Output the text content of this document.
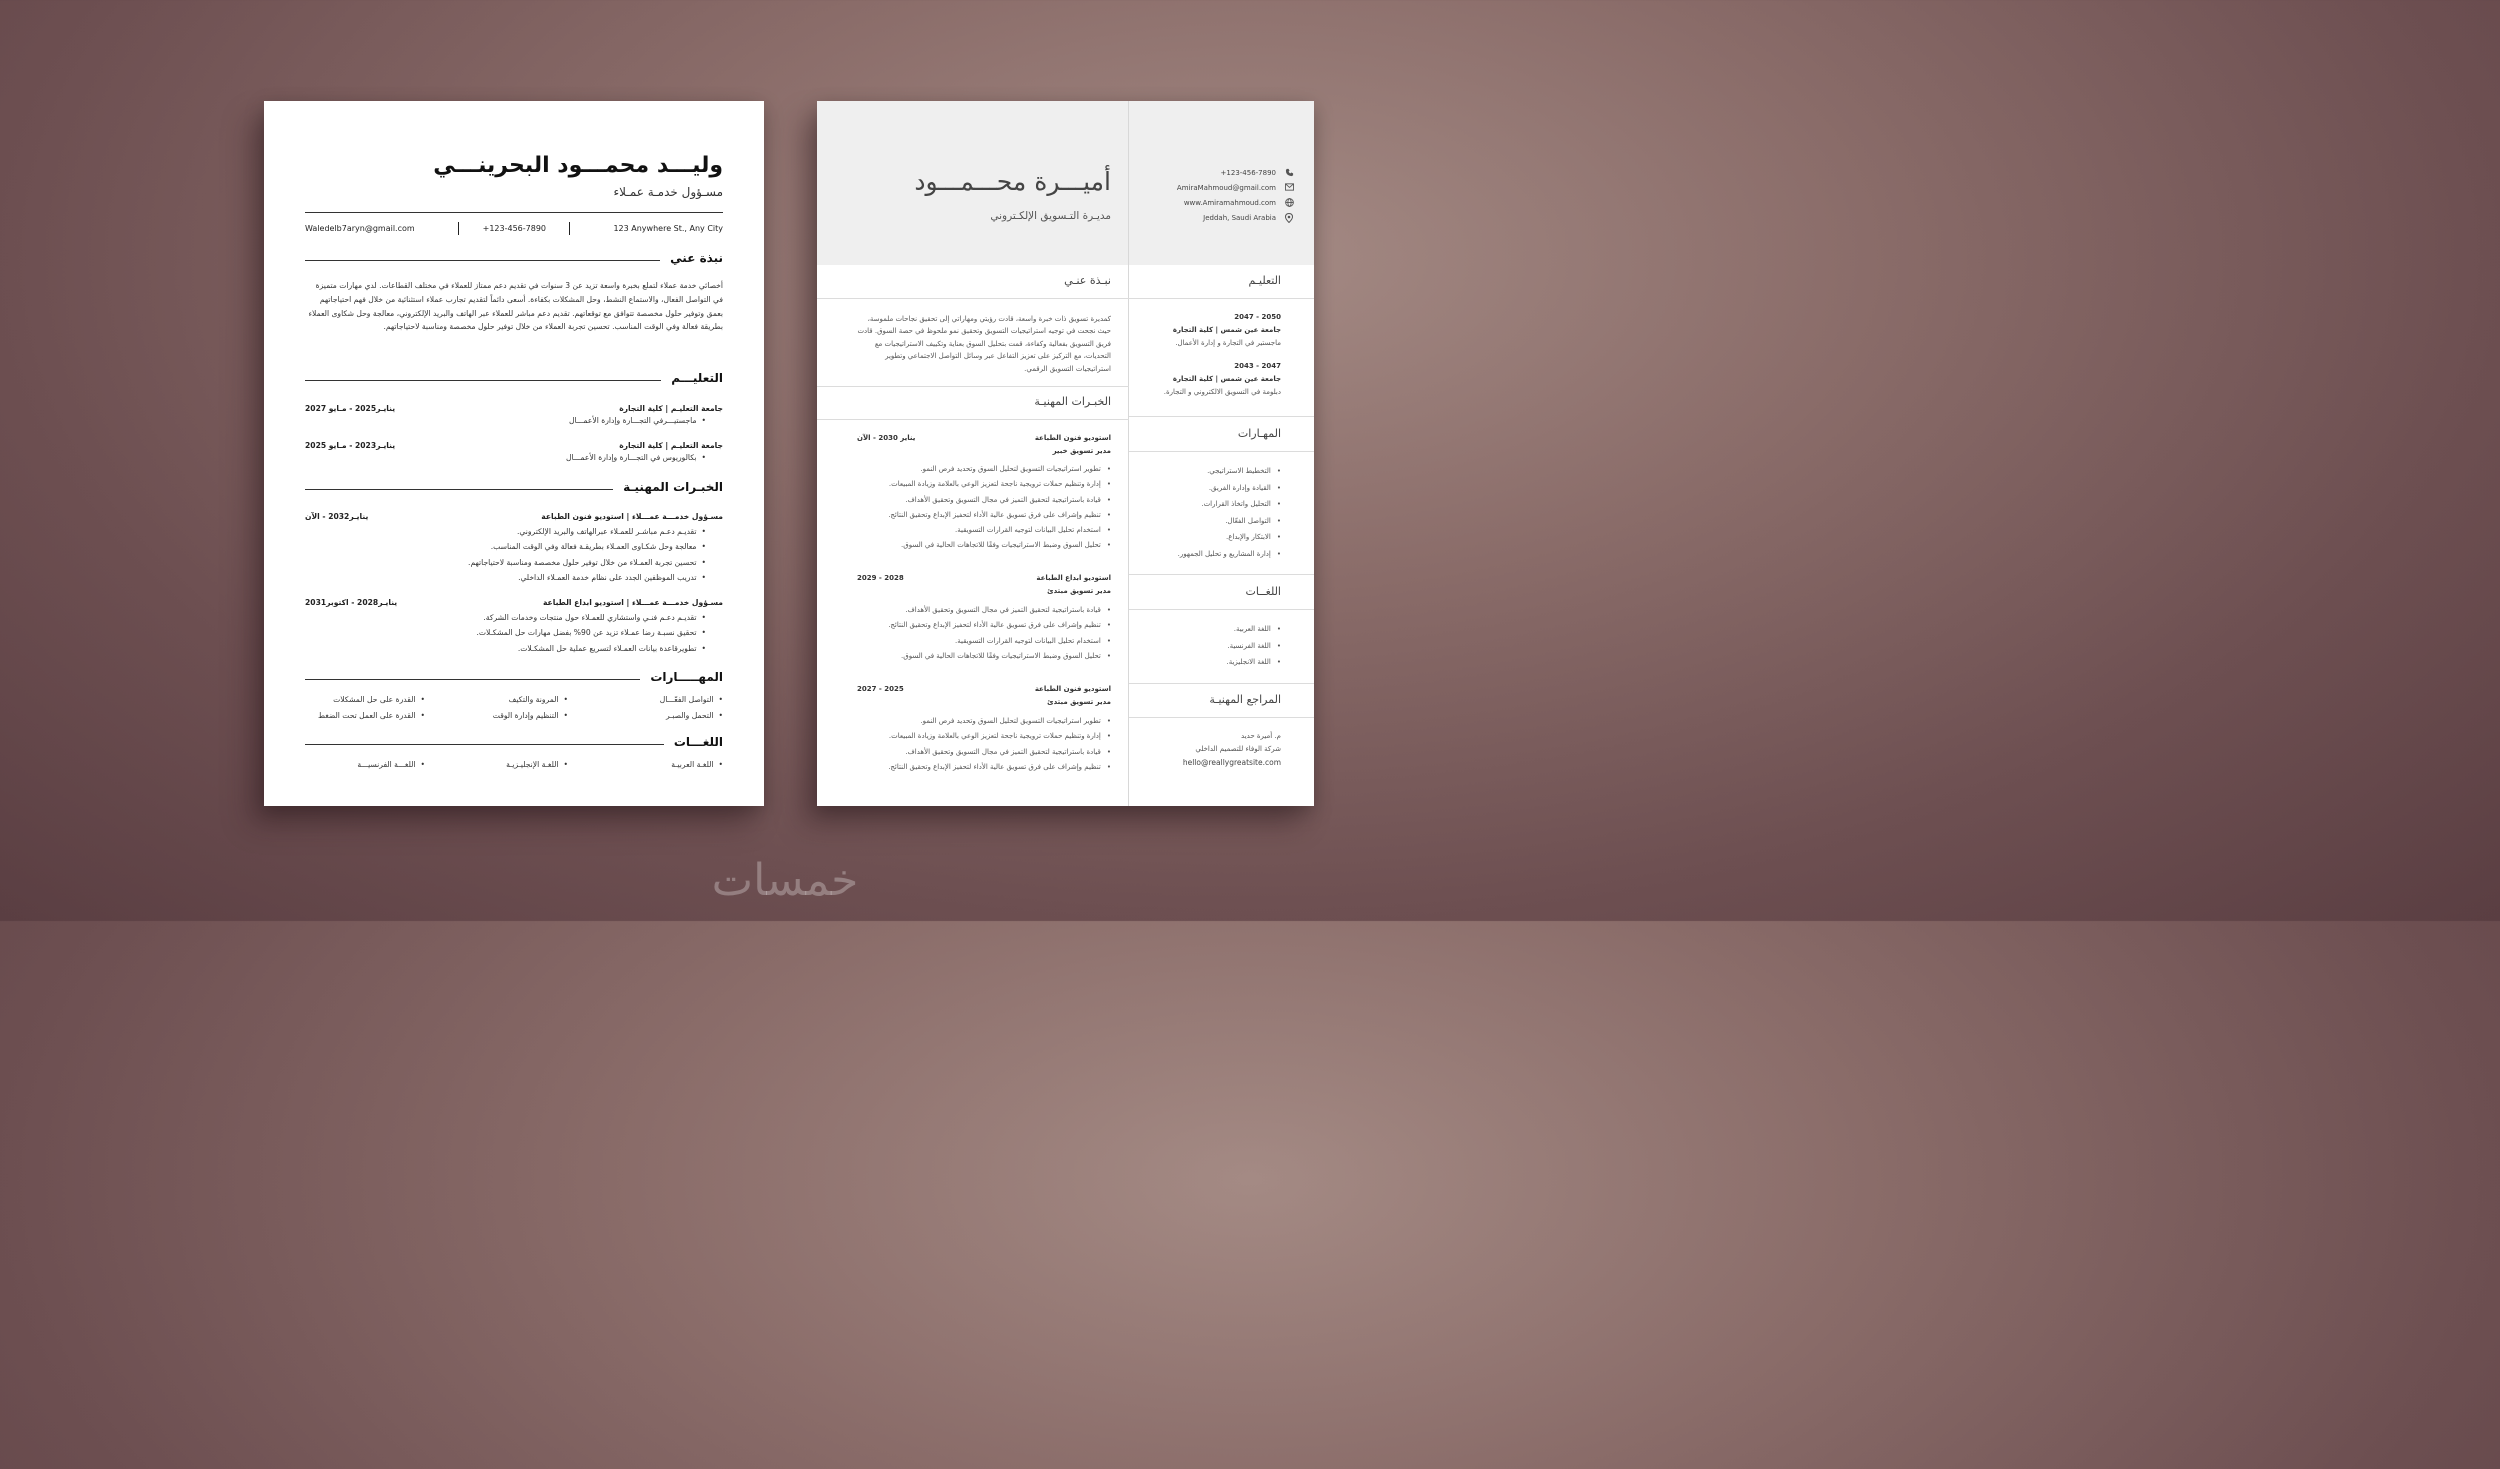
وليـــد محمـــود البحرينـــي
مسـؤول خدمـة عمـلاء
123 Anywhere St., Any City
+123-456-7890
Waledelb7aryn@gmail.com
نبذة عني
أخصائي خدمة عملاء لتملع بخبرة واسعة تزيد عن 3 سنوات في تقديم دعم ممتاز للعملاء في مختلف القطاعات. لدي مهارات متميزة في التواصل الفعال، والاستماع النشط، وحل المشكلات بكفاءة. أسعى دائماً لتقديم تجارب عملاء استثنائية من خلال فهم احتياجاتهم بعمق وتوفير حلول مخصصة تتوافق مع توقعاتهم. تقديم دعم مباشر للعملاء عبر الهاتف والبريد الإلكتروني، معالجة وحل شكاوى العملاء بطريقة فعالة وفي الوقت المناسب. تحسين تجربة العملاء من خلال توفير حلول مخصصة ومناسبة لاحتياجاتهم.
التعليـــم
جامعة التعليـم | كلية التجارة
ينايـر2025 - مـايو 2027
• ماجستيـــرفي التجـــارة وإدارة الأعمـــال
جامعة التعليـم | كلية التجارة
ينايـر2023 - مـايو 2025
• بكالوريوس في التجـــارة وإدارة الأعمـــال
الخبـرات المهنيـة
مسـؤول خدمـــة عمـــلاء | استوديو فنون الطباعة
ينايـر2032 - الآن
• تقديـم دعـم مباشـر للعمـلاء عبرالهاتف والبريد الإلكتروني.
• معالجة وحل شكـاوى العمـلاء بطريقـة فعالة وفي الوقت المناسب.
• تحسين تجربة العمـلاء من خلال توفير حلول مخصصة ومناسبة لاحتياجاتهم.
• تدريب الموظفين الجدد على نظام خدمة العمـلاء الداخلي.
مسـؤول خدمـــة عمـــلاء | استوديو ابداع الطباعة
ينايـر2028 - اكتوبر2031
• تقديـم دعـم فنـي واستشاري للعمـلاء حول منتجات وخدمات الشركة.
• تحقيق نسبـة رضا عمـلاء تزيد عن 90% بفضل مهارات حل المشكـلات.
• تطويرقاعدة بيانات العمـلاء لتسريع عملية حل المشكـلات.
المهـــــارات
• التواصل الفعّـــال
• المرونة والتكيف
• القدرة على حل المشكلات
• التحمل والصبـر
• التنظيم وإدارة الوقت
• القدرة على العمل تحت الضغط
اللغـــات
• اللغـة العربيـة
• اللغـة الإنجليـزيـة
• اللغـــة الفرنسيـــة
أميـــرة محـــمـــود
مديـرة التـسويق الإلكـتروني
+123-456-7890
AmiraMahmoud@gmail.com
www.Amiramahmoud.com
Jeddah, Saudi Arabia
نبـذة عنـي
كمديرة تسويق ذات خبرة واسعة، قادت رؤيتي ومهاراتي إلى تحقيق نجاحات ملموسة، حيث نجحت في توجيه استراتيجيات التسويق وتحقيق نمو ملحوظ في حصة السوق. قادت فريق التسويق بفعالية وكفاءة، قمت بتحليل السوق بعناية وتكييف الاستراتيجيات مع التحديات، مع التركيز على تعزيز التفاعل عبر وسائل التواصل الاجتماعي وتطوير استراتيجيات التسويق الرقمي.
الخبـرات المهنيـة
استوديو فنون الطباعة
يناير 2030 - الآن
مدير تسويق خبير
• تطوير استراتيجيات التسويق لتحليل السوق وتحديد فرص النمو.
• إدارة وتنظيم حملات ترويجية ناجحة لتعزيز الوعي بالعلامة وزيادة المبيعات.
• قيادة باستراتيجية لتحقيق التميز في مجال التسويق وتحقيق الأهداف.
• تنظيم وإشراف على فرق تسويق عالية الأداء لتحفيز الإبداع وتحقيق النتائج.
• استخدام تحليل البيانات لتوجيه القرارات التسويقية.
• تحليل السوق وضبط الاستراتيجيات وفقًا للاتجاهات الحالية في السوق.
استوديو ابداع الطباعة
2028 - 2029
مدير تسويق مبتدئ
• قيادة باستراتيجية لتحقيق التميز في مجال التسويق وتحقيق الأهداف.
• تنظيم وإشراف على فرق تسويق عالية الأداء لتحفيز الإبداع وتحقيق النتائج.
• استخدام تحليل البيانات لتوجيه القرارات التسويقية.
• تحليل السوق وضبط الاستراتيجيات وفقًا للاتجاهات الحالية في السوق.
استوديو فنون الطباعة
2025 - 2027
مدير تسويق مبتدئ
• تطوير استراتيجيات التسويق لتحليل السوق وتحديد فرص النمو.
• إدارة وتنظيم حملات ترويجية ناجحة لتعزيز الوعي بالعلامة وزيادة المبيعات.
• قيادة باستراتيجية لتحقيق التميز في مجال التسويق وتحقيق الأهداف.
• تنظيم وإشراف على فرق تسويق عالية الأداء لتحفيز الإبداع وتحقيق النتائج.
التعليـم
2047 - 2050
جامعة عين شمس | كلية التجارة
ماجستير في التجارة و إدارة الأعمال.
2043 - 2047
جامعة عين شمس | كلية التجارة
دبلومة في التسويق الالكتروني و التجارة.
المهـارات
• التخطيط الاستراتيجي.
• القيادة وإدارة الفريق.
• التحليل واتخاذ القرارات.
• التواصل الفعّال.
• الابتكار والإبداع.
• إدارة المشاريع و تحليل الجمهور.
اللغــات
• اللغة العربية.
• اللغة الفرنسية.
• اللغة الانجليزية.
المراجع المهنيـة
م. أميرة حديد
شركة الوفاء للتصميم الداخلي
hello@reallygreatsite.com
خمسات
